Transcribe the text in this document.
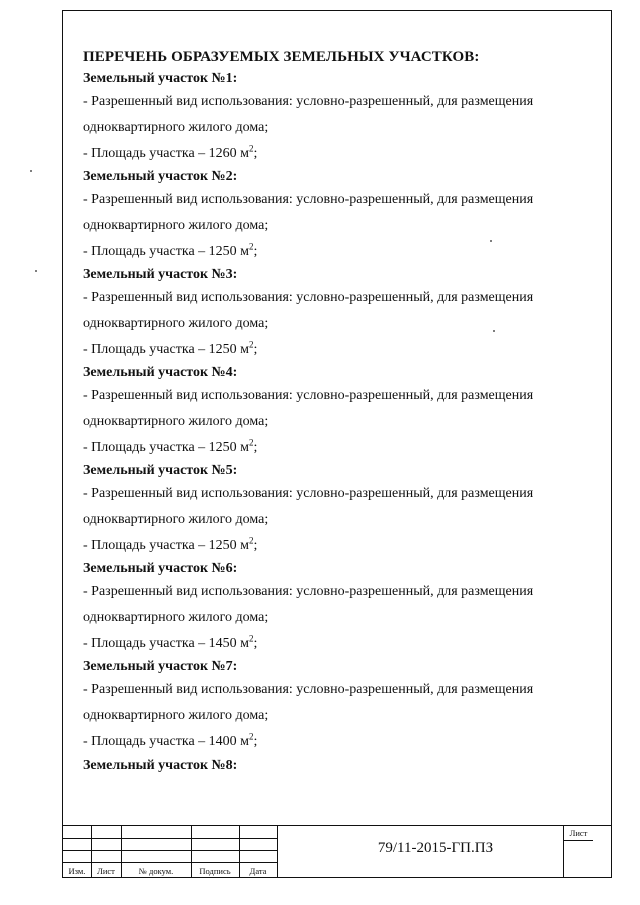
ПЕРЕЧЕНЬ ОБРАЗУЕМЫХ ЗЕМЕЛЬНЫХ УЧАСТКОВ:
Земельный участок №1:
- Разрешенный вид использования: условно-разрешенный, для размещения
одноквартирного жилого дома;
- Площадь участка – 1260 $м^2$;
Земельный участок №2:
- Разрешенный вид использования: условно-разрешенный, для размещения
одноквартирного жилого дома;
- Площадь участка – 1250 $м^2$;
Земельный участок №3:
- Разрешенный вид использования: условно-разрешенный, для размещения
одноквартирного жилого дома;
- Площадь участка – 1250 $м^2$;
Земельный участок №4:
- Разрешенный вид использования: условно-разрешенный, для размещения
одноквартирного жилого дома;
- Площадь участка – 1250 $м^2$;
Земельный участок №5:
- Разрешенный вид использования: условно-разрешенный, для размещения
одноквартирного жилого дома;
- Площадь участка – 1250 $м^2$;
Земельный участок №6:
- Разрешенный вид использования: условно-разрешенный, для размещения
одноквартирного жилого дома;
- Площадь участка – 1450 $м^2$;
Земельный участок №7:
- Разрешенный вид использования: условно-разрешенный, для размещения
одноквартирного жилого дома;
- Площадь участка – 1400 $м^2$;
Земельный участок №8:
Изм.	Лист	№ докум.	Подпись	Дата
79/11-2015-ГП.ПЗ
Лист
